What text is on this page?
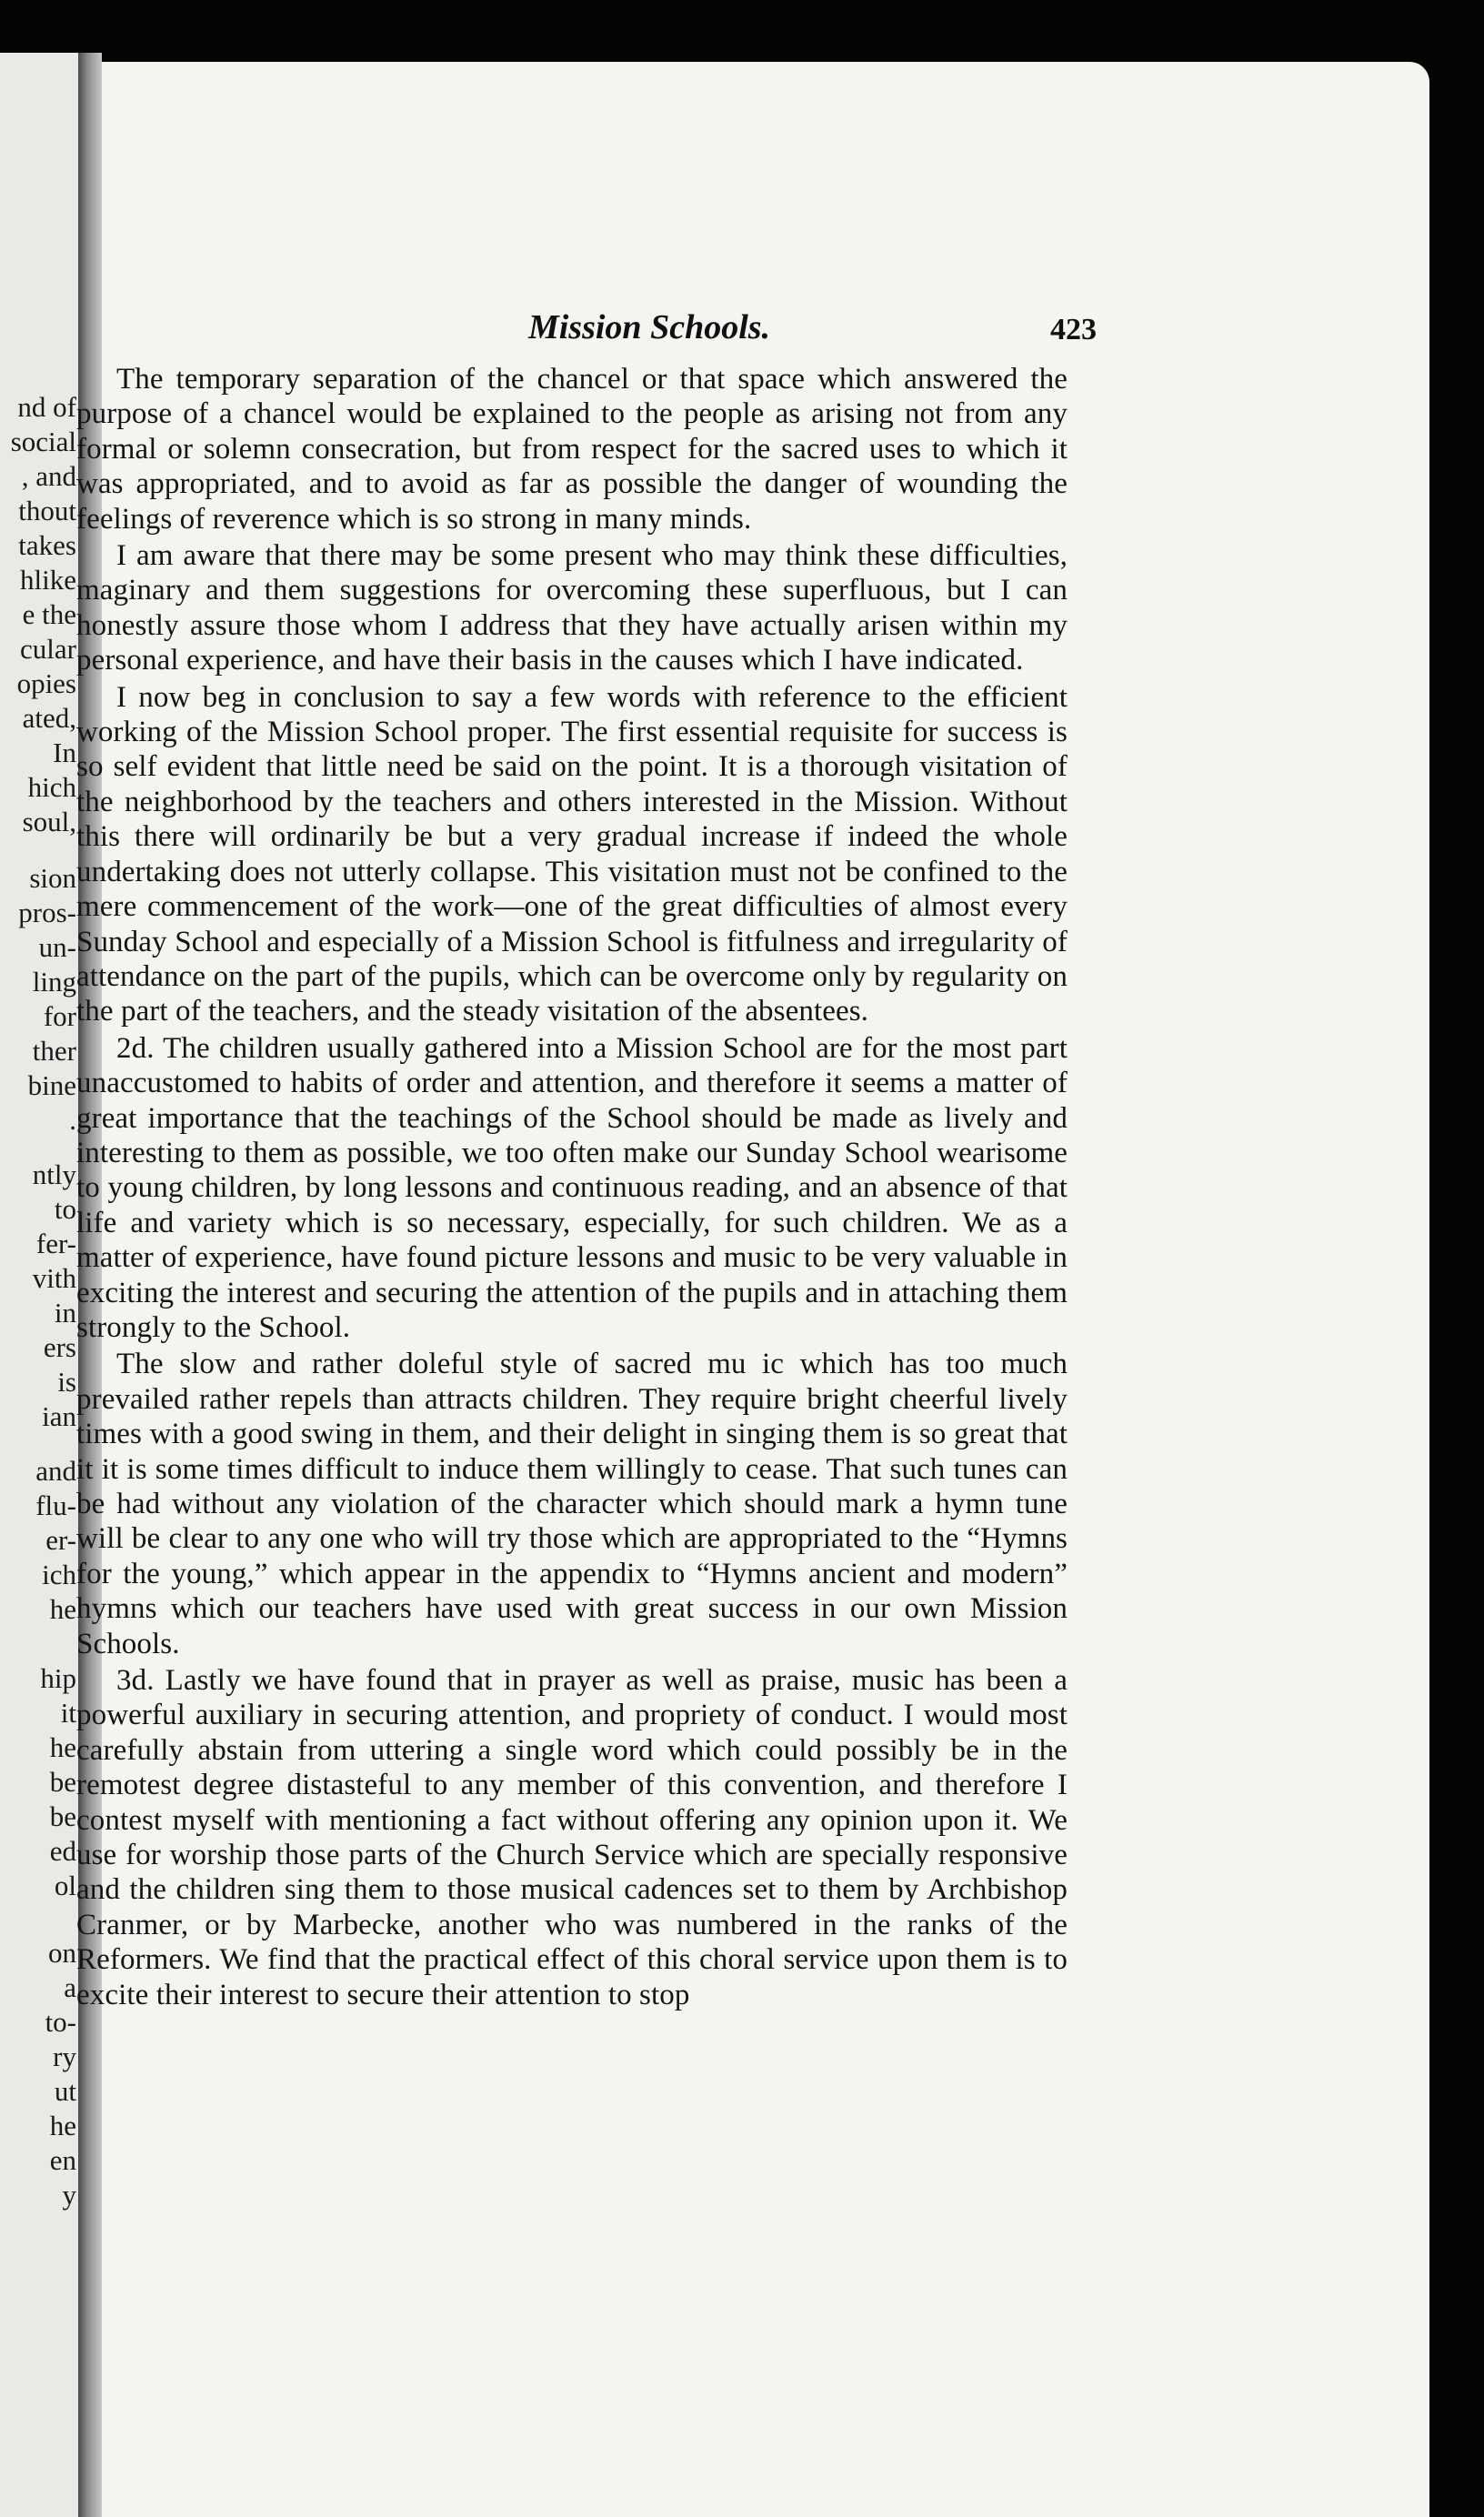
nd of
social
, and
thout
takes
hlike
e the
cular
opies
ated,
In
hich
soul,
sion
pros-
un-
ling
for
ther
bine
.
ntly
to
fer-
vith
in
ers
is
ian
and
flu-
er-
ich
he
hip
it
he
be
be
ed
ol
on
a
to-
ry
ut
he
en
y
Mission Schools.	423

The temporary separation of the chancel or that space which answered the purpose of a chancel would be explained to the people as arising not from any formal or solemn consecration, but from respect for the sacred uses to which it was appropriated, and to avoid as far as possible the danger of wounding the feelings of reverence which is so strong in many minds.

I am aware that there may be some present who may think these difficulties, maginary and them suggestions for overcoming these superfluous, but I can honestly assure those whom I address that they have actually arisen within my personal experience, and have their basis in the causes which I have indicated.

I now beg in conclusion to say a few words with reference to the efficient working of the Mission School proper. The first essential requisite for success is so self evident that little need be said on the point. It is a thorough visitation of the neighborhood by the teachers and others interested in the Mission. Without this there will ordinarily be but a very gradual increase if indeed the whole undertaking does not utterly collapse. This visitation must not be confined to the mere commencement of the work—one of the great difficulties of almost every Sunday School and especially of a Mission School is fitfulness and irregularity of attendance on the part of the pupils, which can be overcome only by regularity on the part of the teachers, and the steady visitation of the absentees.

2d. The children usually gathered into a Mission School are for the most part unaccustomed to habits of order and attention, and therefore it seems a matter of great importance that the teachings of the School should be made as lively and interesting to them as possible, we too often make our Sunday School wearisome to young children, by long lessons and continuous reading, and an absence of that life and variety which is so necessary, especially, for such children. We as a matter of experience, have found picture lessons and music to be very valuable in exciting the interest and securing the attention of the pupils and in attaching them strongly to the School.

The slow and rather doleful style of sacred mu ic which has too much prevailed rather repels than attracts children. They require bright cheerful lively times with a good swing in them, and their delight in singing them is so great that it it is some times difficult to induce them willingly to cease. That such tunes can be had without any violation of the character which should mark a hymn tune will be clear to any one who will try those which are appropriated to the “Hymns for the young,” which appear in the appendix to “Hymns ancient and modern” hymns which our teachers have used with great success in our own Mission Schools.

3d. Lastly we have found that in prayer as well as praise, music has been a powerful auxiliary in securing attention, and propriety of conduct. I would most carefully abstain from uttering a single word which could possibly be in the remotest degree distasteful to any member of this convention, and therefore I contest myself with mentioning a fact without offering any opinion upon it. We use for worship those parts of the Church Service which are specially responsive and the children sing them to those musical cadences set to them by Archbishop Cranmer, or by Marbecke, another who was numbered in the ranks of the Reformers. We find that the practical effect of this choral service upon them is to excite their interest to secure their attention to stop
